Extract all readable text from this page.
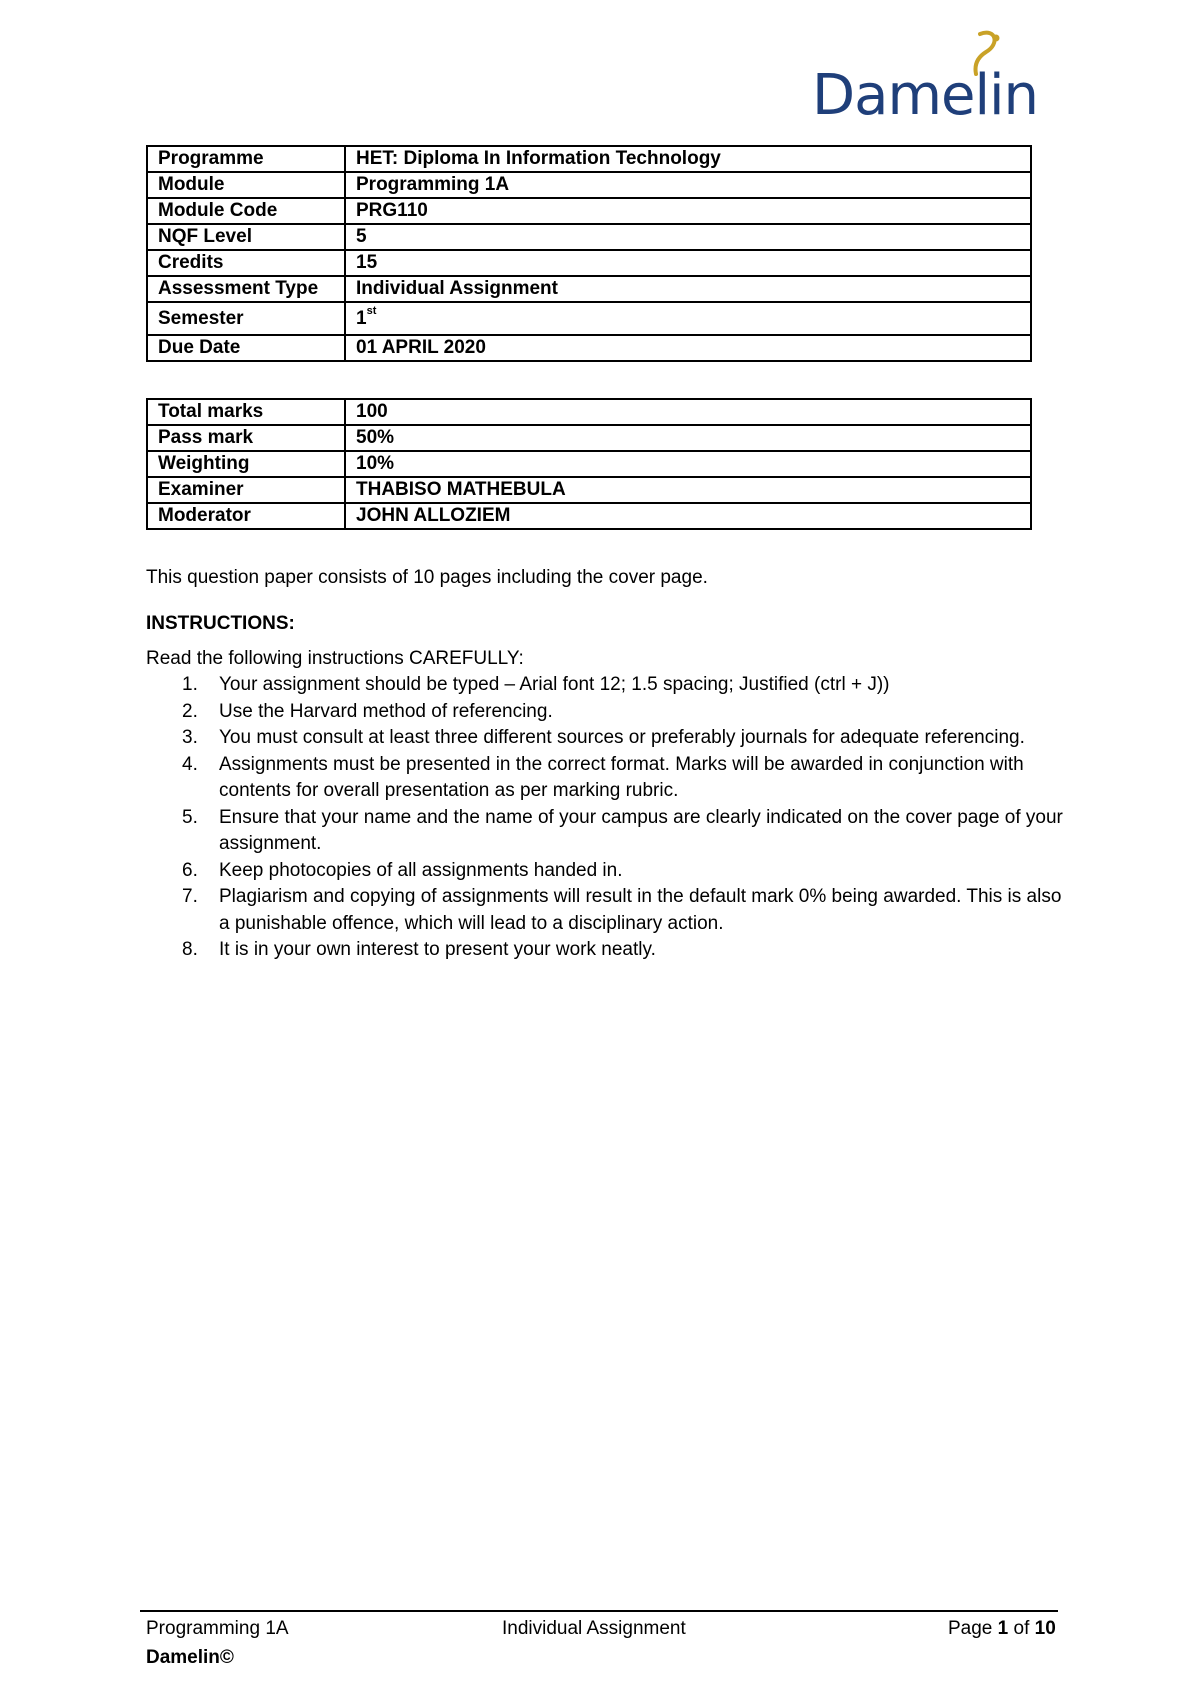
Damelin
Programme	HET: Diploma In Information Technology
Module	Programming 1A
Module Code	PRG110
NQF Level	5
Credits	15
Assessment Type	Individual Assignment
Semester	1st
Due Date	01 APRIL 2020
Total marks	100
Pass mark	50%
Weighting	10%
Examiner	THABISO MATHEBULA
Moderator	JOHN ALLOZIEM
This question paper consists of 10 pages including the cover page.
INSTRUCTIONS:
Read the following instructions CAREFULLY:
1. Your assignment should be typed – Arial font 12; 1.5 spacing; Justified (ctrl + J))
2. Use the Harvard method of referencing.
3. You must consult at least three different sources or preferably journals for adequate referencing.
4. Assignments must be presented in the correct format. Marks will be awarded in conjunction with contents for overall presentation as per marking rubric.
5. Ensure that your name and the name of your campus are clearly indicated on the cover page of your assignment.
6. Keep photocopies of all assignments handed in.
7. Plagiarism and copying of assignments will result in the default mark 0% being awarded. This is also a punishable offence, which will lead to a disciplinary action.
8. It is in your own interest to present your work neatly.
Programming 1A	Individual Assignment	Page 1 of 10
Damelin©
